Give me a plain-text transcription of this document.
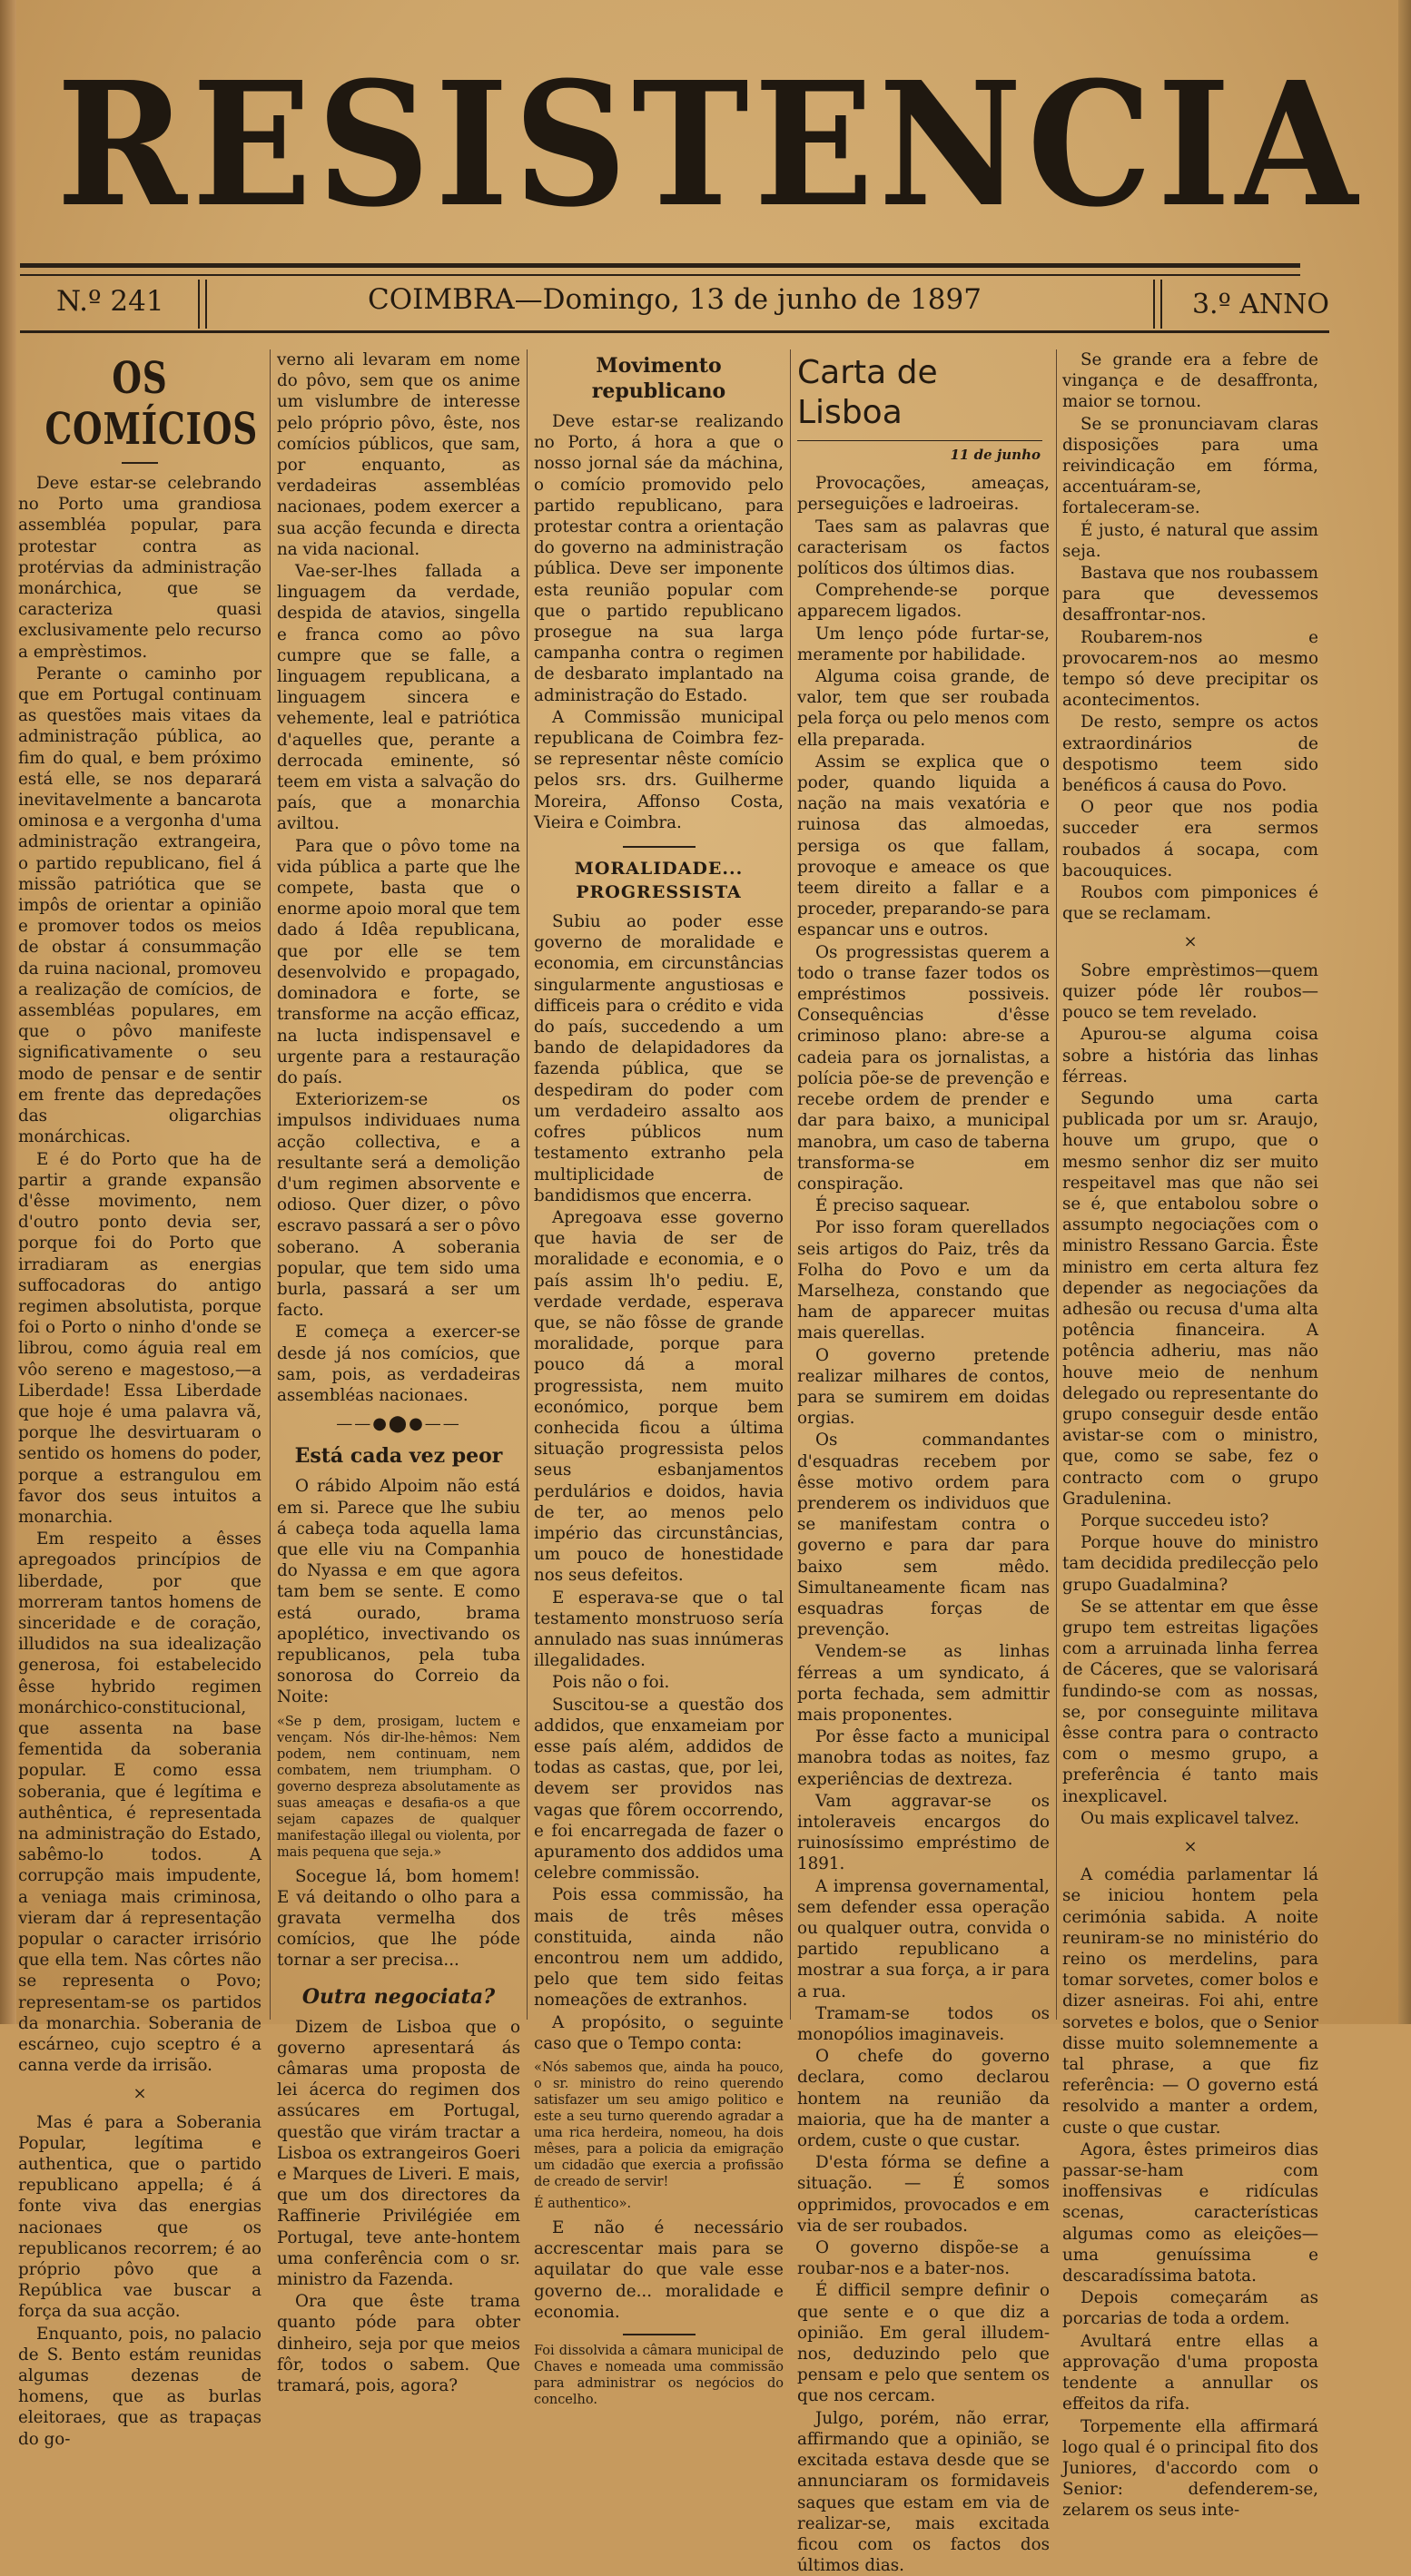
RESISTENCIA
N.º 241	COIMBRA—Domingo, 13 de junho de 1897	3.º ANNO
OS COMÍCIOS

Deve estar-se celebrando no Porto uma grandiosa assembléa popular, para protestar contra as protérvias da administração monárchica, que se caracteriza quasi exclusivamente pelo recurso a emprèstimos.

Perante o caminho por que em Portugal continuam as questões mais vitaes da administração pública, ao fim do qual, e bem próximo está elle, se nos deparará inevitavelmente a bancarota ominosa e a vergonha d'uma administração extrangeira, o partido republicano, fiel á missão patriótica que se impôs de orientar a opinião e promover todos os meios de obstar á consummação da ruina nacional, promoveu a realização de comícios, de assembléas populares, em que o pôvo manifeste significativamente o seu modo de pensar e de sentir em frente das depredações das oligarchias monárchicas.

E é do Porto que ha de partir a grande expansão d'êsse movimento, nem d'outro ponto devia ser, porque foi do Porto que irradiaram as energias suffocadoras do antigo regimen absolutista, porque foi o Porto o ninho d'onde se librou, como águia real em vôo sereno e magestoso,—a Liberdade! Essa Liberdade que hoje é uma palavra vã, porque lhe desvirtuaram o sentido os homens do poder, porque a estrangulou em favor dos seus intuitos a monarchia.

Em respeito a êsses apregoados princípios de liberdade, por que morreram tantos homens de sinceridade e de coração, illudidos na sua idealização generosa, foi estabelecido êsse hybrido regimen monárchico-constitucional, que assenta na base fementida da soberania popular. E como essa soberania, que é legítima e authêntica, é representada na administração do Estado, sabêmo-lo todos. A corrupção mais impudente, a veniaga mais criminosa, vieram dar á representação popular o caracter irrisório que ella tem. Nas côrtes não se representa o Povo; representam-se os partidos da monarchia. Soberania de escárneo, cujo sceptro é a canna verde da irrisão.

×

Mas é para a Soberania Popular, legítima e authentica, que o partido republicano appella; é á fonte viva das energias nacionaes que os republicanos recorrem; é ao próprio pôvo que a República vae buscar a força da sua acção.

Enquanto, pois, no palacio de S. Bento estám reunidas algumas dezenas de homens, que as burlas eleitoraes, que as trapaças do go-

verno ali levaram em nome do pôvo, sem que os anime um vislumbre de interesse pelo próprio pôvo, êste, nos comícios públicos, que sam, por enquanto, as verdadeiras assembléas nacionaes, podem exercer a sua acção fecunda e directa na vida nacional.

Vae-ser-lhes fallada a linguagem da verdade, despida de atavios, singella e franca como ao pôvo cumpre que se falle, a linguagem republicana, a linguagem sincera e vehemente, leal e patriótica d'aquelles que, perante a derrocada eminente, só teem em vista a salvação do país, que a monarchia aviltou.

Para que o pôvo tome na vida pública a parte que lhe compete, basta que o enorme apoio moral que tem dado á Idêa republicana, que por elle se tem desenvolvido e propagado, dominadora e forte, se transforme na acção efficaz, na lucta indispensavel e urgente para a restauração do país.

Exteriorizem-se os impulsos individuaes numa acção collectiva, e a resultante será a demolição d'um regimen absorvente e odioso. Quer dizer, o pôvo escravo passará a ser o pôvo soberano. A soberania popular, que tem sido uma burla, passará a ser um facto.

E começa a exercer-se desde já nos comícios, que sam, pois, as verdadeiras assembléas nacionaes.

——●⬤●——
Está cada vez peor

O rábido Alpoim não está em si. Parece que lhe subiu á cabeça toda aquella lama que elle viu na Companhia do Nyassa e em que agora tam bem se sente. E como está ourado, brama apoplético, invectivando os republicanos, pela tuba sonorosa do Correio da Noite:

«Se p dem, prosigam, luctem e vençam. Nós dir-lhe-hêmos: Nem podem, nem continuam, nem combatem, nem triumpham. O governo despreza absolutamente as suas ameaças e desafia-os a que sejam capazes de qualquer manifestação illegal ou violenta, por mais pequena que seja.»

Socegue lá, bom homem! E vá deitando o olho para a gravata vermelha dos comícios, que lhe póde tornar a ser precisa...

Outra negociata?

Dizem de Lisboa que o governo apresentará ás câmaras uma proposta de lei ácerca do regimen dos assúcares em Portugal, questão que virám tractar a Lisboa os extrangeiros Goeri e Marques de Liveri. E mais, que um dos directores da Raffinerie Privilégiée em Portugal, teve ante-hontem uma conferência com o sr. ministro da Fazenda.

Ora que êste trama quanto póde para obter dinheiro, seja por que meios fôr, todos o sabem. Que tramará, pois, agora?

Movimento republicano

Deve estar-se realizando no Porto, á hora a que o nosso jornal sáe da máchina, o comício promovido pelo partido republicano, para protestar contra a orientação do governo na administração pública. Deve ser imponente esta reunião popular com que o partido republicano prosegue na sua larga campanha contra o regimen de desbarato implantado na administração do Estado.

A Commissão municipal republicana de Coimbra fez-se representar nêste comício pelos srs. drs. Guilherme Moreira, Affonso Costa, Vieira e Coimbra.

MORALIDADE... PROGRESSISTA

Subiu ao poder esse governo de moralidade e economia, em circunstâncias singularmente angustiosas e difficeis para o crédito e vida do país, succedendo a um bando de delapidadores da fazenda pública, que se despediram do poder com um verdadeiro assalto aos cofres públicos num testamento extranho pela multiplicidade de bandidismos que encerra.

Apregoava esse governo que havia de ser de moralidade e economia, e o país assim lh'o pediu. E, verdade verdade, esperava que, se não fôsse de grande moralidade, porque para pouco dá a moral progressista, nem muito económico, porque bem conhecida ficou a última situação progressista pelos seus esbanjamentos perdulários e doidos, havia de ter, ao menos pelo império das circunstâncias, um pouco de honestidade nos seus defeitos.

E esperava-se que o tal testamento monstruoso sería annulado nas suas innúmeras illegalidades.

Pois não o foi.

Suscitou-se a questão dos addidos, que enxameiam por esse país além, addidos de todas as castas, que, por lei, devem ser providos nas vagas que fôrem occorrendo, e foi encarregada de fazer o apuramento dos addidos uma celebre commissão.

Pois essa commissão, ha mais de três mêses constituida, ainda não encontrou nem um addido, pelo que tem sido feitas nomeações de extranhos.

A propósito, o seguinte caso que o Tempo conta:

«Nós sabemos que, ainda ha pouco, o sr. ministro do reino querendo satisfazer um seu amigo politico e este a seu turno querendo agradar a uma rica herdeira, nomeou, ha dois mêses, para a policia da emigração um cidadão que exercia a profissão de creado de servir!
É authentico».

E não é necessário accrescentar mais para se aquilatar do que vale esse governo de... moralidade e economia.

Foi dissolvida a câmara municipal de Chaves e nomeada uma commissão para administrar os negócios do concelho.
Carta de Lisboa
11 de junho

Provocações, ameaças, perseguições e ladroeiras.

Taes sam as palavras que caracterisam os factos políticos dos últimos dias.

Comprehende-se porque apparecem ligados.

Um lenço póde furtar-se, meramente por habilidade.

Alguma coisa grande, de valor, tem que ser roubada pela força ou pelo menos com ella preparada.

Assim se explica que o poder, quando liquida a nação na mais vexatória e ruinosa das almoedas, persiga os que fallam, provoque e ameace os que teem direito a fallar e a proceder, preparando-se para espancar uns e outros.

Os progressistas querem a todo o transe fazer todos os empréstimos possiveis. Consequências d'êsse criminoso plano: abre-se a cadeia para os jornalistas, a polícia põe-se de prevenção e recebe ordem de prender e dar para baixo, a municipal manobra, um caso de taberna transforma-se em conspiração.

É preciso saquear.

Por isso foram querellados seis artigos do Paiz, três da Folha do Povo e um da Marselheza, constando que ham de apparecer muitas mais querellas.

O governo pretende realizar milhares de contos, para se sumirem em doidas orgias.

Os commandantes d'esquadras recebem por êsse motivo ordem para prenderem os individuos que se manifestam contra o governo e para dar para baixo sem mêdo. Simultaneamente ficam nas esquadras forças de prevenção.

Vendem-se as linhas férreas a um syndicato, á porta fechada, sem admittir mais proponentes.

Por êsse facto a municipal manobra todas as noites, faz experiências de dextreza.

Vam aggravar-se os intoleraveis encargos do ruinosíssimo empréstimo de 1891.

A imprensa governamental, sem defender essa operação ou qualquer outra, convida o partido republicano a mostrar a sua força, a ir para a rua.

Tramam-se todos os monopólios imaginaveis.

O chefe do governo declara, como declarou hontem na reunião da maioria, que ha de manter a ordem, custe o que custar.

D'esta fórma se define a situação. — É somos opprimidos, provocados e em via de ser roubados.

O governo dispõe-se a roubar-nos e a bater-nos.

É difficil sempre definir o que sente e o que diz a opinião. Em geral illudem-nos, deduzindo pelo que pensam e pelo que sentem os que nos cercam.

Julgo, porém, não errar, affirmando que a opinião, se excitada estava desde que se annunciaram os formidaveis saques que estam em via de realizar-se, mais excitada ficou com os factos dos últimos dias.

Se grande era a febre de vingança e de desaffronta, maior se tornou.

Se se pronunciavam claras disposições para uma reivindicação em fórma, accentuáram-se, fortaleceram-se.

É justo, é natural que assim seja.

Bastava que nos roubassem para que devessemos desaffrontar-nos.

Roubarem-nos e provocarem-nos ao mesmo tempo só deve precipitar os acontecimentos.

De resto, sempre os actos extraordinários de despotismo teem sido benéficos á causa do Povo.

O peor que nos podia succeder era sermos roubados á socapa, com bacouquices.

Roubos com pimponices é que se reclamam.

×

Sobre emprèstimos—quem quizer póde lêr roubos—pouco se tem revelado.

Apurou-se alguma coisa sobre a história das linhas férreas.

Segundo uma carta publicada por um sr. Araujo, houve um grupo, que o mesmo senhor diz ser muito respeitavel mas que não sei se é, que entabolou sobre o assumpto negociações com o ministro Ressano Garcia. Êste ministro em certa altura fez depender as negociações da adhesão ou recusa d'uma alta potência financeira. A potência adheriu, mas não houve meio de nenhum delegado ou representante do grupo conseguir desde então avistar-se com o ministro, que, como se sabe, fez o contracto com o grupo Gradulenina.

Porque succedeu isto?

Porque houve do ministro tam decidida predilecção pelo grupo Guadalmina?

Se se attentar em que êsse grupo tem estreitas ligações com a arruinada linha ferrea de Cáceres, que se valorisará fundindo-se com as nossas, se, por conseguinte militava êsse contra para o contracto com o mesmo grupo, a preferência é tanto mais inexplicavel.

Ou mais explicavel talvez.

×

A comédia parlamentar lá se iniciou hontem pela cerimónia sabida. A noite reuniram-se no ministério do reino os merdelins, para tomar sorvetes, comer bolos e dizer asneiras. Foi ahi, entre sorvetes e bolos, que o Senior disse muito solemnemente a tal phrase, a que fiz referência: — O governo está resolvido a manter a ordem, custe o que custar.

Agora, êstes primeiros dias passar-se-ham com inoffensivas e ridículas scenas, características algumas como as eleições—uma genuíssima e descaradíssima batota.

Depois começarám as porcarias de toda a ordem.

Avultará entre ellas a approvação d'uma proposta tendente a annullar os effeitos da rifa.

Torpemente ella affirmará logo qual é o principal fito dos Juniores, d'accordo com o Senior: defenderem-se, zelarem os seus inte-
